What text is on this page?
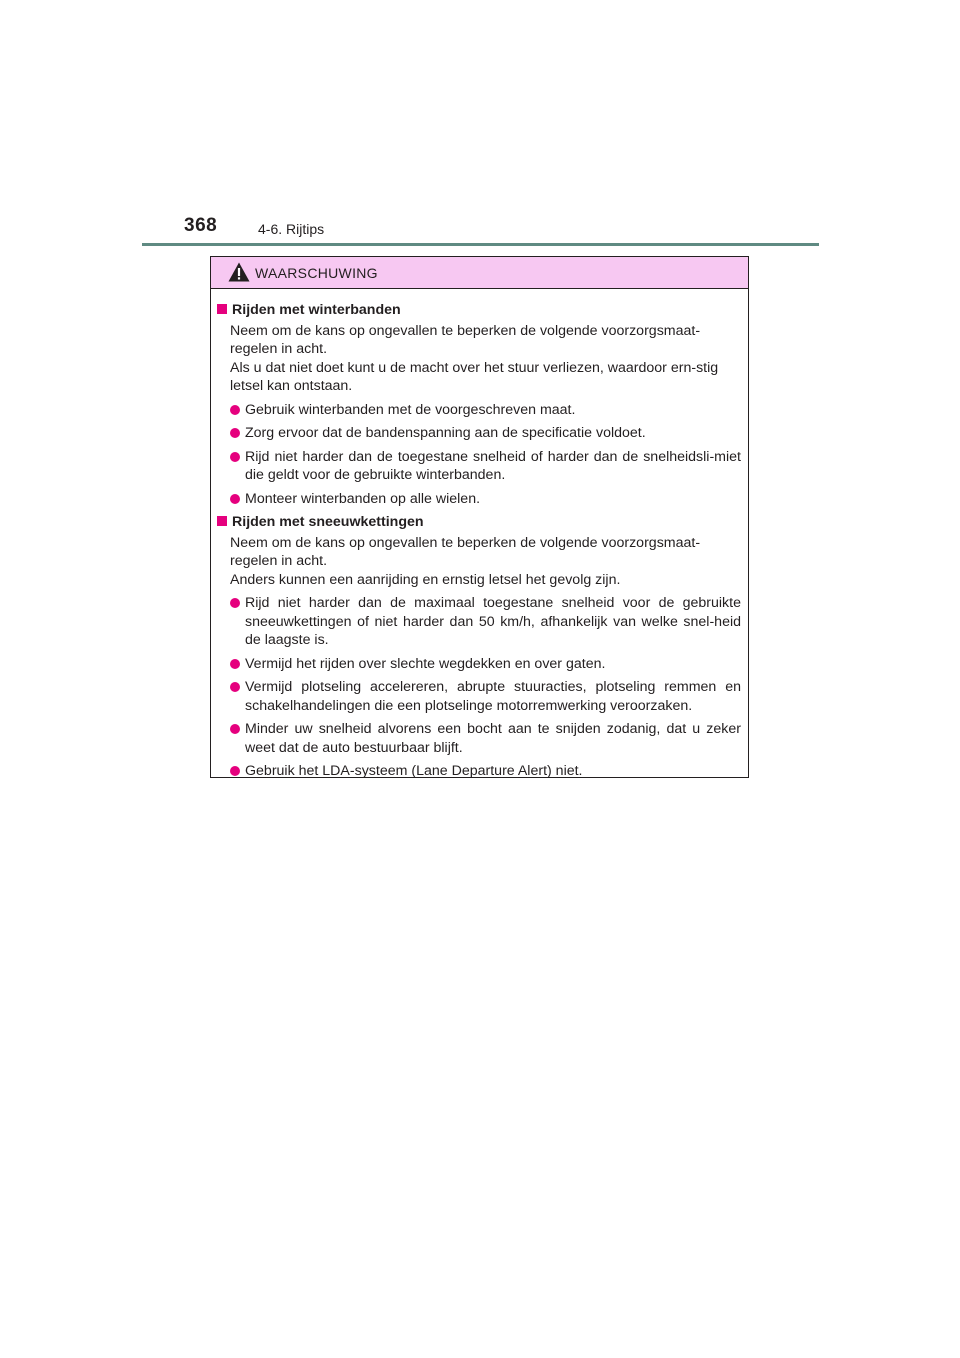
368	4-6. Rijtips
WAARSCHUWING
Rijden met winterbanden

Neem om de kans op ongevallen te beperken de volgende voorzorgsmaat-regelen in acht.

Als u dat niet doet kunt u de macht over het stuur verliezen, waardoor ern-stig letsel kan ontstaan.

Gebruik winterbanden met de voorgeschreven maat.
Zorg ervoor dat de bandenspanning aan de specificatie voldoet.
Rijd niet harder dan de toegestane snelheid of harder dan de snelheidsli-miet die geldt voor de gebruikte winterbanden.
Monteer winterbanden op alle wielen.
Rijden met sneeuwkettingen

Neem om de kans op ongevallen te beperken de volgende voorzorgsmaat-regelen in acht.

Anders kunnen een aanrijding en ernstig letsel het gevolg zijn.

Rijd niet harder dan de maximaal toegestane snelheid voor de gebruikte sneeuwkettingen of niet harder dan 50 km/h, afhankelijk van welke snel-heid de laagste is.
Vermijd het rijden over slechte wegdekken en over gaten.
Vermijd plotseling accelereren, abrupte stuuracties, plotseling remmen en schakelhandelingen die een plotselinge motorremwerking veroorzaken.
Minder uw snelheid alvorens een bocht aan te snijden zodanig, dat u zeker weet dat de auto bestuurbaar blijft.
Gebruik het LDA-systeem (Lane Departure Alert) niet.
